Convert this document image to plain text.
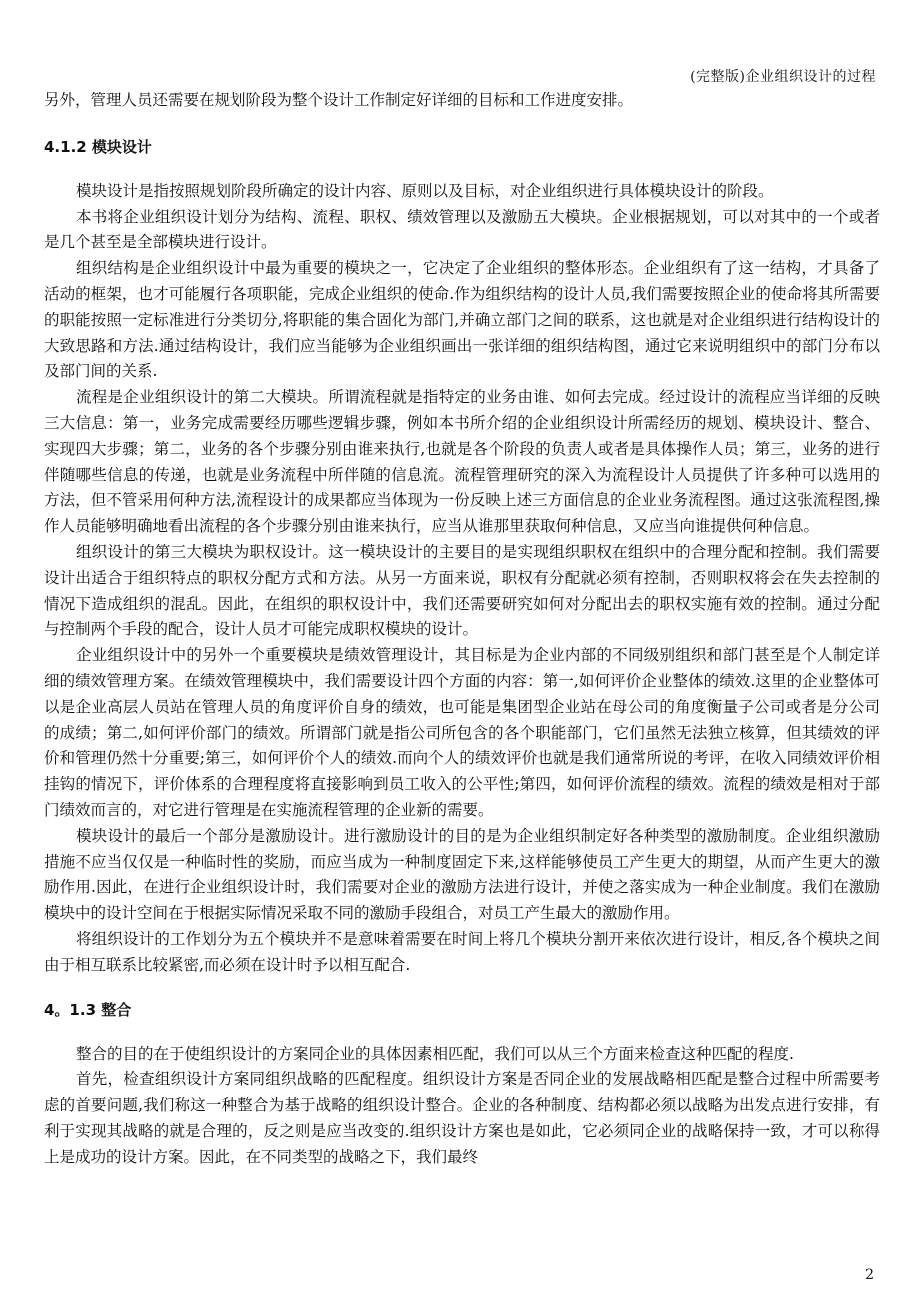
(完整版)企业组织设计的过程

另外，管理人员还需要在规划阶段为整个设计工作制定好详细的目标和工作进度安排。

4.1.2 模块设计

模块设计是指按照规划阶段所确定的设计内容、原则以及目标，对企业组织进行具体模块设计的阶段。

本书将企业组织设计划分为结构、流程、职权、绩效管理以及激励五大模块。企业根据规划，可以对其中的一个或者是几个甚至是全部模块进行设计。

组织结构是企业组织设计中最为重要的模块之一，它决定了企业组织的整体形态。企业组织有了这一结构，才具备了活动的框架，也才可能履行各项职能，完成企业组织的使命.作为组织结构的设计人员,我们需要按照企业的使命将其所需要的职能按照一定标准进行分类切分,将职能的集合固化为部门,并确立部门之间的联系，这也就是对企业组织进行结构设计的大致思路和方法.通过结构设计，我们应当能够为企业组织画出一张详细的组织结构图，通过它来说明组织中的部门分布以及部门间的关系.

流程是企业组织设计的第二大模块。所谓流程就是指特定的业务由谁、如何去完成。经过设计的流程应当详细的反映三大信息：第一，业务完成需要经历哪些逻辑步骤，例如本书所介绍的企业组织设计所需经历的规划、模块设计、整合、实现四大步骤；第二，业务的各个步骤分别由谁来执行,也就是各个阶段的负责人或者是具体操作人员；第三，业务的进行伴随哪些信息的传递，也就是业务流程中所伴随的信息流。流程管理研究的深入为流程设计人员提供了许多种可以选用的方法，但不管采用何种方法,流程设计的成果都应当体现为一份反映上述三方面信息的企业业务流程图。通过这张流程图,操作人员能够明确地看出流程的各个步骤分别由谁来执行，应当从谁那里获取何种信息，又应当向谁提供何种信息。

组织设计的第三大模块为职权设计。这一模块设计的主要目的是实现组织职权在组织中的合理分配和控制。我们需要设计出适合于组织特点的职权分配方式和方法。从另一方面来说，职权有分配就必须有控制，否则职权将会在失去控制的情况下造成组织的混乱。因此，在组织的职权设计中，我们还需要研究如何对分配出去的职权实施有效的控制。通过分配与控制两个手段的配合，设计人员才可能完成职权模块的设计。

企业组织设计中的另外一个重要模块是绩效管理设计，其目标是为企业内部的不同级别组织和部门甚至是个人制定详细的绩效管理方案。在绩效管理模块中，我们需要设计四个方面的内容：第一,如何评价企业整体的绩效.这里的企业整体可以是企业高层人员站在管理人员的角度评价自身的绩效，也可能是集团型企业站在母公司的角度衡量子公司或者是分公司的成绩；第二,如何评价部门的绩效。所谓部门就是指公司所包含的各个职能部门，它们虽然无法独立核算，但其绩效的评价和管理仍然十分重要;第三，如何评价个人的绩效.而向个人的绩效评价也就是我们通常所说的考评，在收入同绩效评价相挂钩的情况下，评价体系的合理程度将直接影响到员工收入的公平性;第四，如何评价流程的绩效。流程的绩效是相对于部门绩效而言的，对它进行管理是在实施流程管理的企业新的需要。

模块设计的最后一个部分是激励设计。进行激励设计的目的是为企业组织制定好各种类型的激励制度。企业组织激励措施不应当仅仅是一种临时性的奖励，而应当成为一种制度固定下来,这样能够使员工产生更大的期望，从而产生更大的激励作用.因此，在进行企业组织设计时，我们需要对企业的激励方法进行设计，并使之落实成为一种企业制度。我们在激励模块中的设计空间在于根据实际情况采取不同的激励手段组合，对员工产生最大的激励作用。

将组织设计的工作划分为五个模块并不是意味着需要在时间上将几个模块分割开来依次进行设计，相反,各个模块之间由于相互联系比较紧密,而必须在设计时予以相互配合.

4。1.3 整合

整合的目的在于使组织设计的方案同企业的具体因素相匹配，我们可以从三个方面来检查这种匹配的程度.

首先，检查组织设计方案同组织战略的匹配程度。组织设计方案是否同企业的发展战略相匹配是整合过程中所需要考虑的首要问题,我们称这一种整合为基于战略的组织设计整合。企业的各种制度、结构都必须以战略为出发点进行安排，有利于实现其战略的就是合理的，反之则是应当改变的.组织设计方案也是如此，它必须同企业的战略保持一致，才可以称得上是成功的设计方案。因此，在不同类型的战略之下，我们最终

2
